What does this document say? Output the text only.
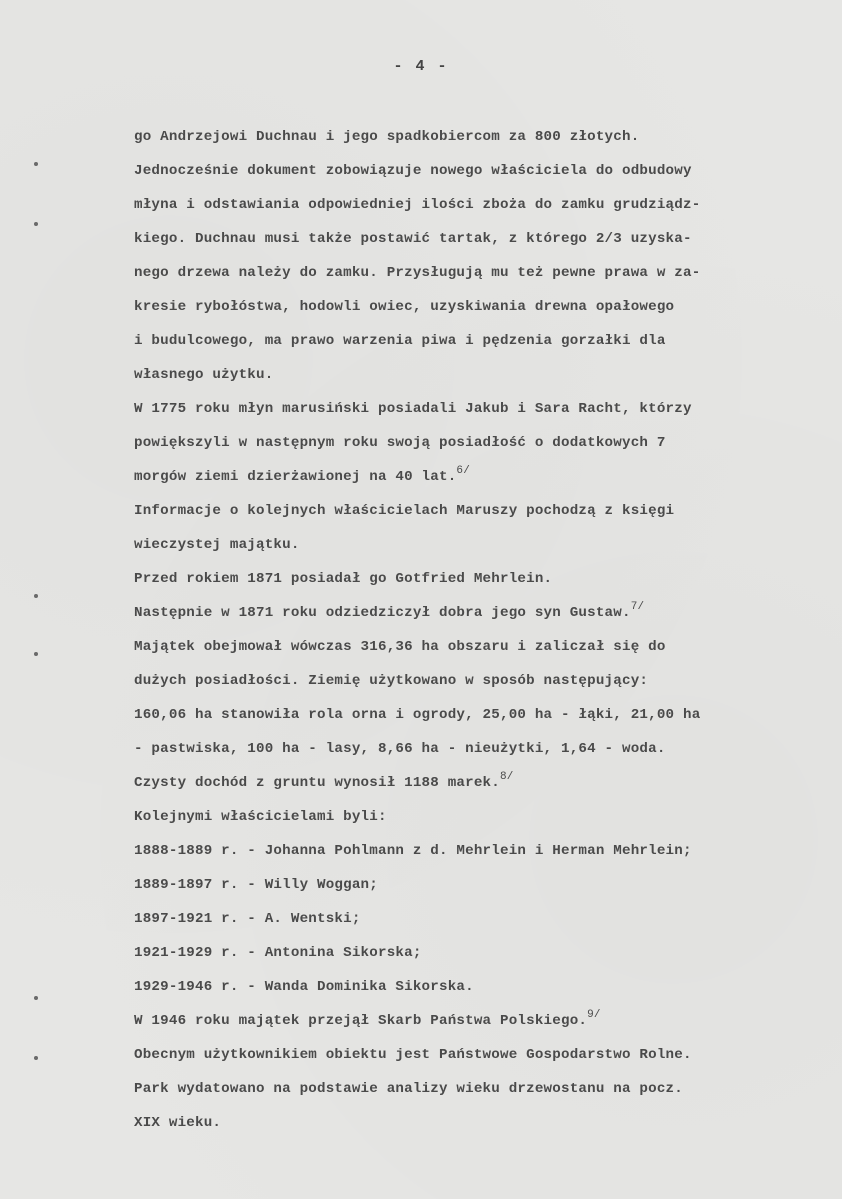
- 4 -
go Andrzejowi Duchnau i jego spadkobiercom za 800 złotych.
Jednocześnie dokument zobowiązuje nowego właściciela do odbudowy
młyna i odstawiania odpowiedniej ilości zboża do zamku grudziądz-
kiego. Duchnau musi także postawić tartak, z którego 2/3 uzyska-
nego drzewa należy do zamku. Przysługują mu też pewne prawa w za-
kresie rybołóstwa, hodowli owiec, uzyskiwania drewna opałowego
i budulcowego, ma prawo warzenia piwa i pędzenia gorzałki dla
własnego użytku.
W 1775 roku młyn marusiński posiadali Jakub i Sara Racht, którzy
powiększyli w następnym roku swoją posiadłość o dodatkowych 7
morgów ziemi dzierżawionej na 40 lat.$^{6/}$
Informacje o kolejnych właścicielach Maruszy pochodzą z księgi
wieczystej majątku.
Przed rokiem 1871 posiadał go Gotfried Mehrlein.
Następnie w 1871 roku odziedziczył dobra jego syn Gustaw.$^{7/}$
Majątek obejmował wówczas 316,36 ha obszaru i zaliczał się do
dużych posiadłości. Ziemię użytkowano w sposób następujący:
160,06 ha stanowiła rola orna i ogrody, 25,00 ha - łąki, 21,00 ha
- pastwiska, 100 ha - lasy, 8,66 ha - nieużytki, 1,64 - woda.
Czysty dochód z gruntu wynosił 1188 marek.$^{8/}$
Kolejnymi właścicielami byli:
1888-1889 r. - Johanna Pohlmann z d. Mehrlein i Herman Mehrlein;
1889-1897 r. - Willy Woggan;
1897-1921 r. - A. Wentski;
1921-1929 r. - Antonina Sikorska;
1929-1946 r. - Wanda Dominika Sikorska.
W 1946 roku majątek przejął Skarb Państwa Polskiego.$^{9/}$
Obecnym użytkownikiem obiektu jest Państwowe Gospodarstwo Rolne.
Park wydatowano na podstawie analizy wieku drzewostanu na pocz.
XIX wieku.
